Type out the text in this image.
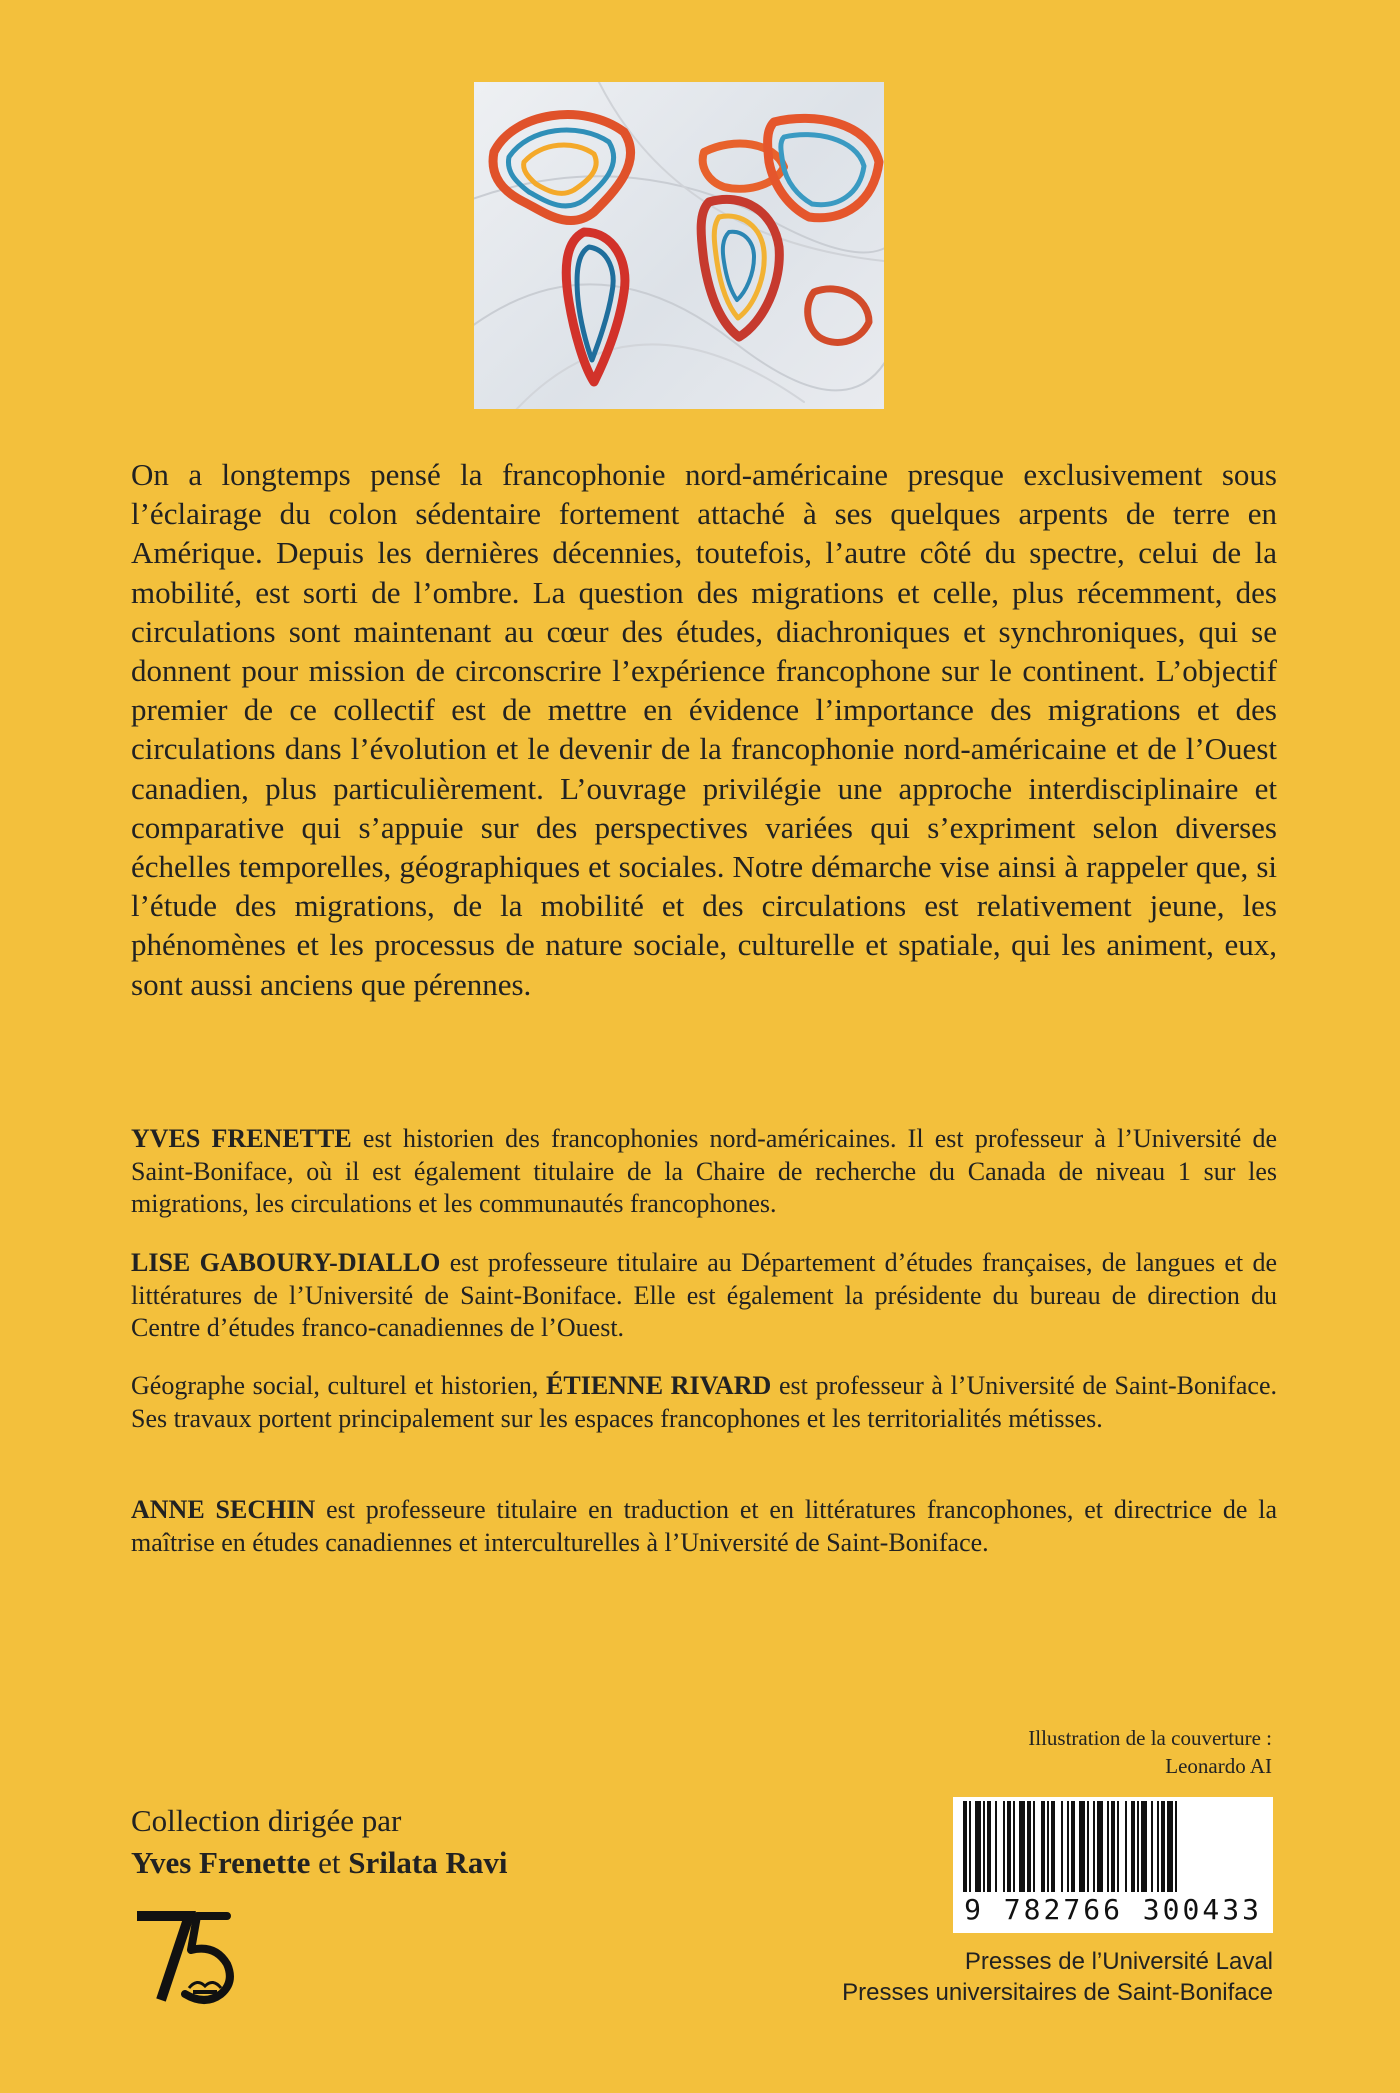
On a longtemps pensé la francophonie nord-américaine presque exclusivement sous l’éclairage du colon sédentaire fortement attaché à ses quelques arpents de terre en Amérique. Depuis les dernières décennies, toutefois, l’autre côté du spectre, celui de la mobilité, est sorti de l’ombre. La question des migrations et celle, plus récemment, des circulations sont maintenant au cœur des études, diachroniques et synchroniques, qui se donnent pour mission de circonscrire l’expérience francophone sur le continent. L’objectif premier de ce collectif est de mettre en évidence l’importance des migrations et des circulations dans l’évolution et le devenir de la francophonie nord-américaine et de l’Ouest canadien, plus particulièrement. L’ouvrage privilégie une approche interdisciplinaire et comparative qui s’appuie sur des perspectives variées qui s’expriment selon diverses échelles temporelles, géographiques et sociales. Notre démarche vise ainsi à rappeler que, si l’étude des migrations, de la mobilité et des circulations est relativement jeune, les phénomènes et les processus de nature sociale, culturelle et spatiale, qui les animent, eux, sont aussi anciens que pérennes.

YVES FRENETTE est historien des francophonies nord-américaines. Il est professeur à l’Université de Saint-Boniface, où il est également titulaire de la Chaire de recherche du Canada de niveau 1 sur les migrations, les circulations et les communautés francophones.

LISE GABOURY-DIALLO est professeure titulaire au Département d’études françaises, de langues et de littératures de l’Université de Saint-Boniface. Elle est également la présidente du bureau de direction du Centre d’études franco-canadiennes de l’Ouest.

Géographe social, culturel et historien, ÉTIENNE RIVARD est professeur à l’Université de Saint-Boniface. Ses travaux portent principalement sur les espaces francophones et les territorialités métisses.

ANNE SECHIN est professeure titulaire en traduction et en littératures francophones, et directrice de la maîtrise en études canadiennes et interculturelles à l’Université de Saint-Boniface.

Illustration de la couverture :
Leonardo AI
Collection dirigée par
Yves Frenette et Srilata Ravi
9 782766 300433
Presses de l’Université Laval
Presses universitaires de Saint-Boniface
